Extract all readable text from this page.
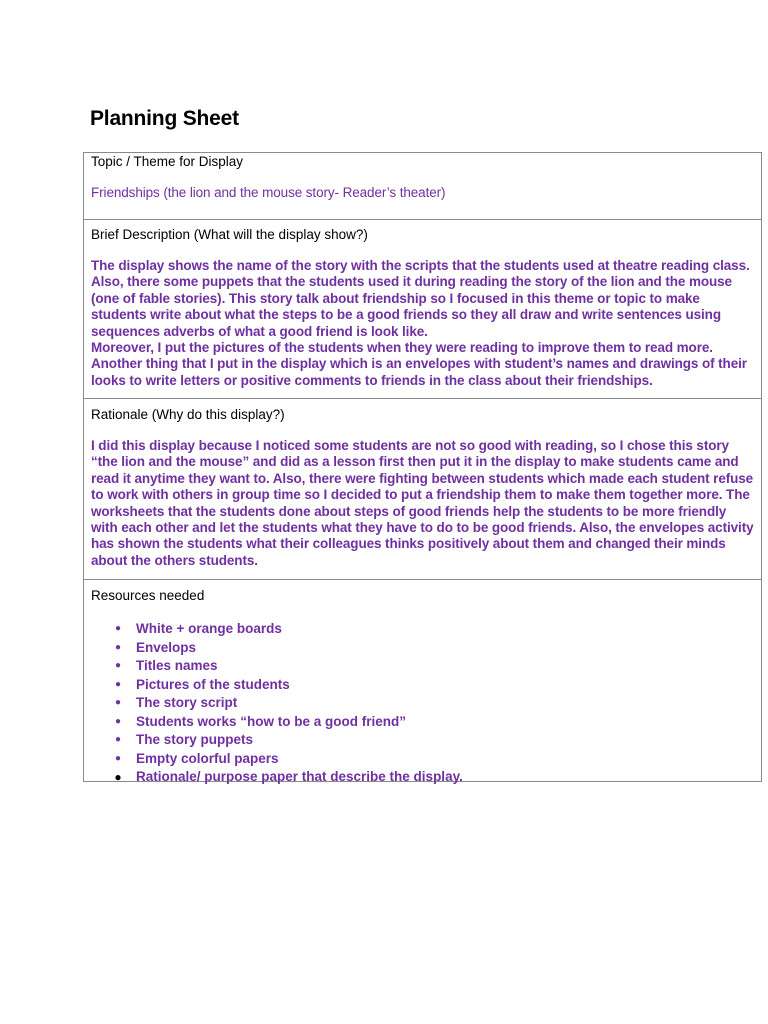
Planning Sheet
Topic / Theme for Display

Friendships (the lion and the mouse story- Reader’s theater)

Brief Description (What will the display show?)

The display shows the name of the story with the scripts that the students used at theatre reading class. Also, there some puppets that the students used it during reading the story of the lion and the mouse (one of fable stories). This story talk about friendship so I focused in this theme or topic to make students write about what the steps to be a good friends so they all draw and write sentences using sequences adverbs of what a good friend is look like.

Moreover, I put the pictures of the students when they were reading to improve them to read more. Another thing that I put in the display which is an envelopes with student’s names and drawings of their looks to write letters or positive comments to friends in the class about their friendships.

Rationale (Why do this display?)

I did this display because I noticed some students are not so good with reading, so I chose this story “the lion and the mouse” and did as a lesson first then put it in the display to make students came and read it anytime they want to. Also, there were fighting between students which made each student refuse to work with others in group time so I decided to put a friendship them to make them together more. The worksheets that the students done about steps of good friends help the students to be more friendly with each other and let the students what they have to do to be good friends. Also, the envelopes activity has shown the students what their colleagues thinks positively about them and changed their minds about the others students.

Resources needed
● White + orange boards
● Envelops
● Titles names
● Pictures of the students
● The story script
● Students works “how to be a good friend”
● The story puppets
● Empty colorful papers
● Rationale/ purpose paper that describe the display.
